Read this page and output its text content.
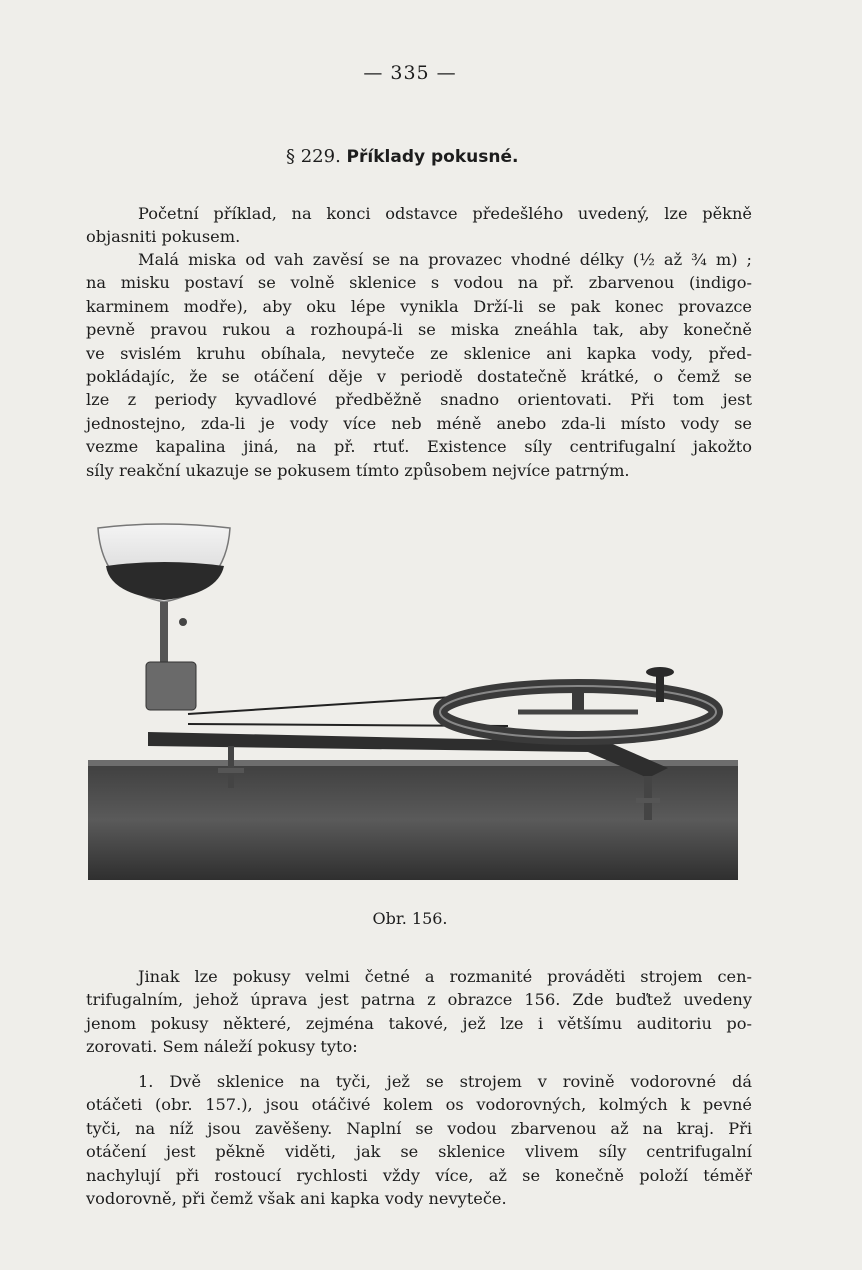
— 335 —
§ 229. Příklady pokusné.

Početní příklad, na konci odstavce předešlého uvedený, lze pěkně
objasniti pokusem.

Malá miska od vah zavěsí se na provazec vhodné délky (½ až ¾ m) ;
na misku postaví se volně sklenice s vodou na př. zbarvenou (indigo-
karminem modře), aby oku lépe vynikla Drží-li se pak konec provazce
pevně pravou rukou a rozhoupá-li se miska zneáhla tak, aby konečně
ve svislém kruhu obíhala, nevyteče ze sklenice ani kapka vody, před-
pokládajíc, že se otáčení děje v periodě dostatečně krátké, o čemž se
lze z periody kyvadlové předběžně snadno orientovati. Při tom jest
jednostejno, zda-li je vody více neb méně anebo zda-li místo vody se
vezme kapalina jiná, na př. rtuť. Existence síly centrifugalní jakožto
síly reakční ukazuje se pokusem tímto způsobem nejvíce patrným.

Obr. 156.

Jinak lze pokusy velmi četné a rozmanité prováděti strojem cen-
trifugalním, jehož úprava jest patrna z obrazce 156. Zde buďtež uvedeny
jenom pokusy některé, zejména takové, jež lze i většímu auditoriu po-
zorovati. Sem náleží pokusy tyto:

1. Dvě sklenice na tyči, jež se strojem v rovině vodorovné dá
otáčeti (obr. 157.), jsou otáčivé kolem os vodorovných, kolmých k pevné
tyči, na níž jsou zavěšeny. Naplní se vodou zbarvenou až na kraj. Při
otáčení jest pěkně viděti, jak se sklenice vlivem síly centrifugalní
nachylují při rostoucí rychlosti vždy více, až se konečně položí téměř
vodorovně, při čemž však ani kapka vody nevyteče.
